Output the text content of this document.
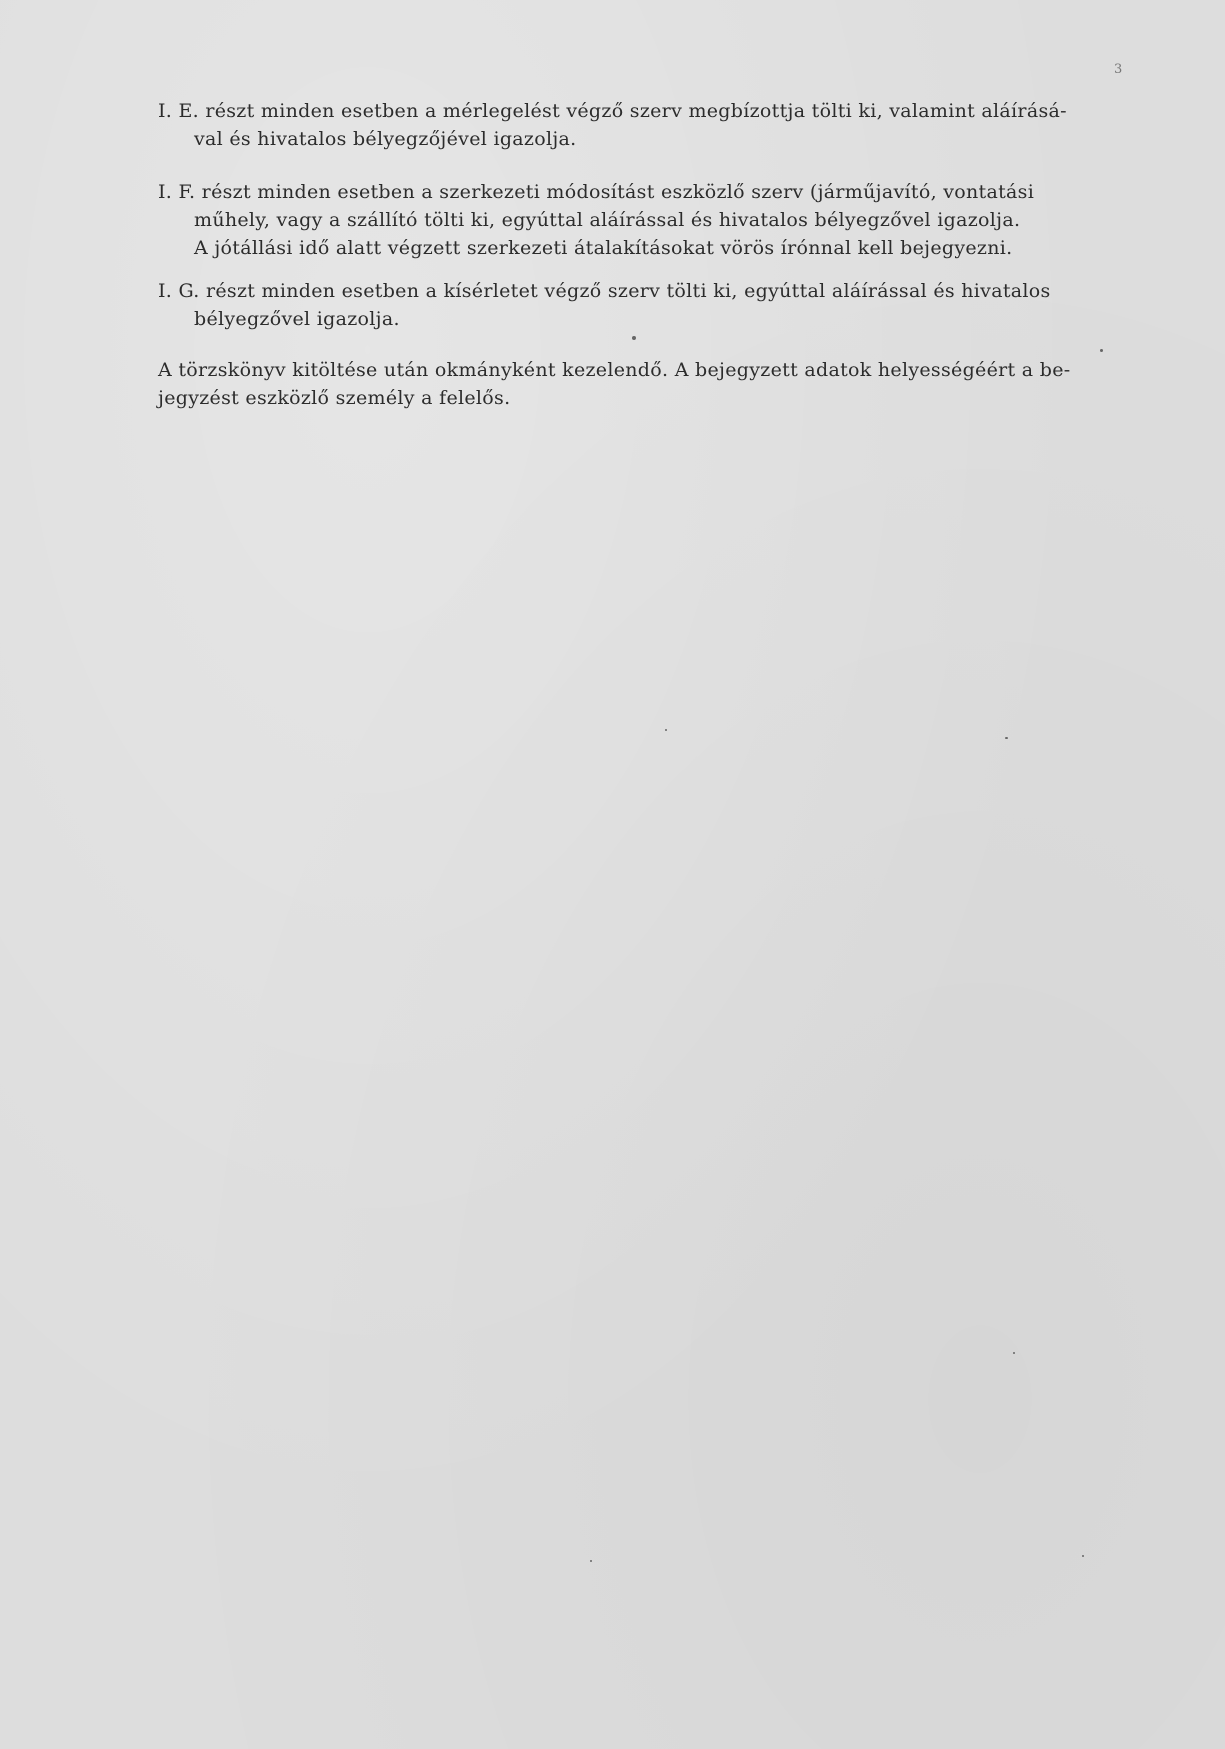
3
I. E. részt minden esetben a mérlegelést végző szerv megbízottja tölti ki, valamint aláírásá-
val és hivatalos bélyegzőjével igazolja.
I. F. részt minden esetben a szerkezeti módosítást eszközlő szerv (járműjavító, vontatási
műhely, vagy a szállító tölti ki, egyúttal aláírással és hivatalos bélyegzővel igazolja.
A jótállási idő alatt végzett szerkezeti átalakításokat vörös írónnal kell bejegyezni.
I. G. részt minden esetben a kísérletet végző szerv tölti ki, egyúttal aláírással és hivatalos
bélyegzővel igazolja.
A törzskönyv kitöltése után okmányként kezelendő. A bejegyzett adatok helyességéért a be-
jegyzést eszközlő személy a felelős.
